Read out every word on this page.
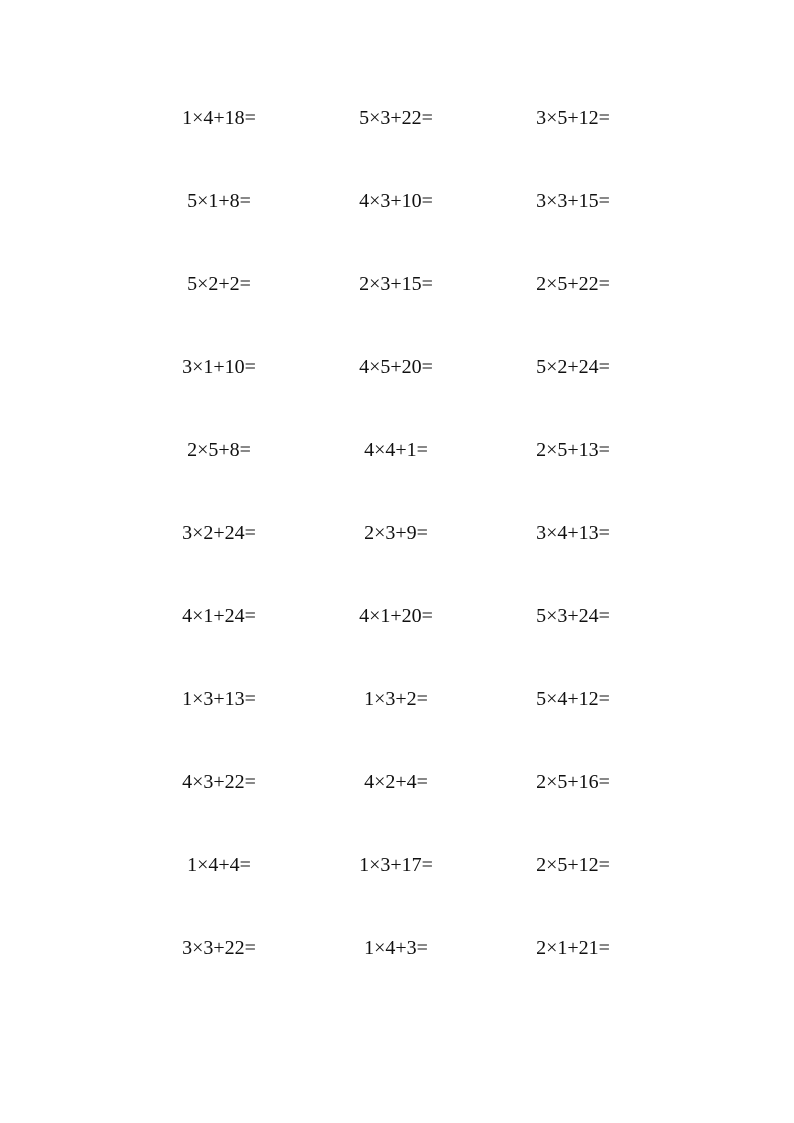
1×4+18=	5×3+22=	3×5+12=
5×1+8=	4×3+10=	3×3+15=
5×2+2=	2×3+15=	2×5+22=
3×1+10=	4×5+20=	5×2+24=
2×5+8=	4×4+1=	2×5+13=
3×2+24=	2×3+9=	3×4+13=
4×1+24=	4×1+20=	5×3+24=
1×3+13=	1×3+2=	5×4+12=
4×3+22=	4×2+4=	2×5+16=
1×4+4=	1×3+17=	2×5+12=
3×3+22=	1×4+3=	2×1+21=
